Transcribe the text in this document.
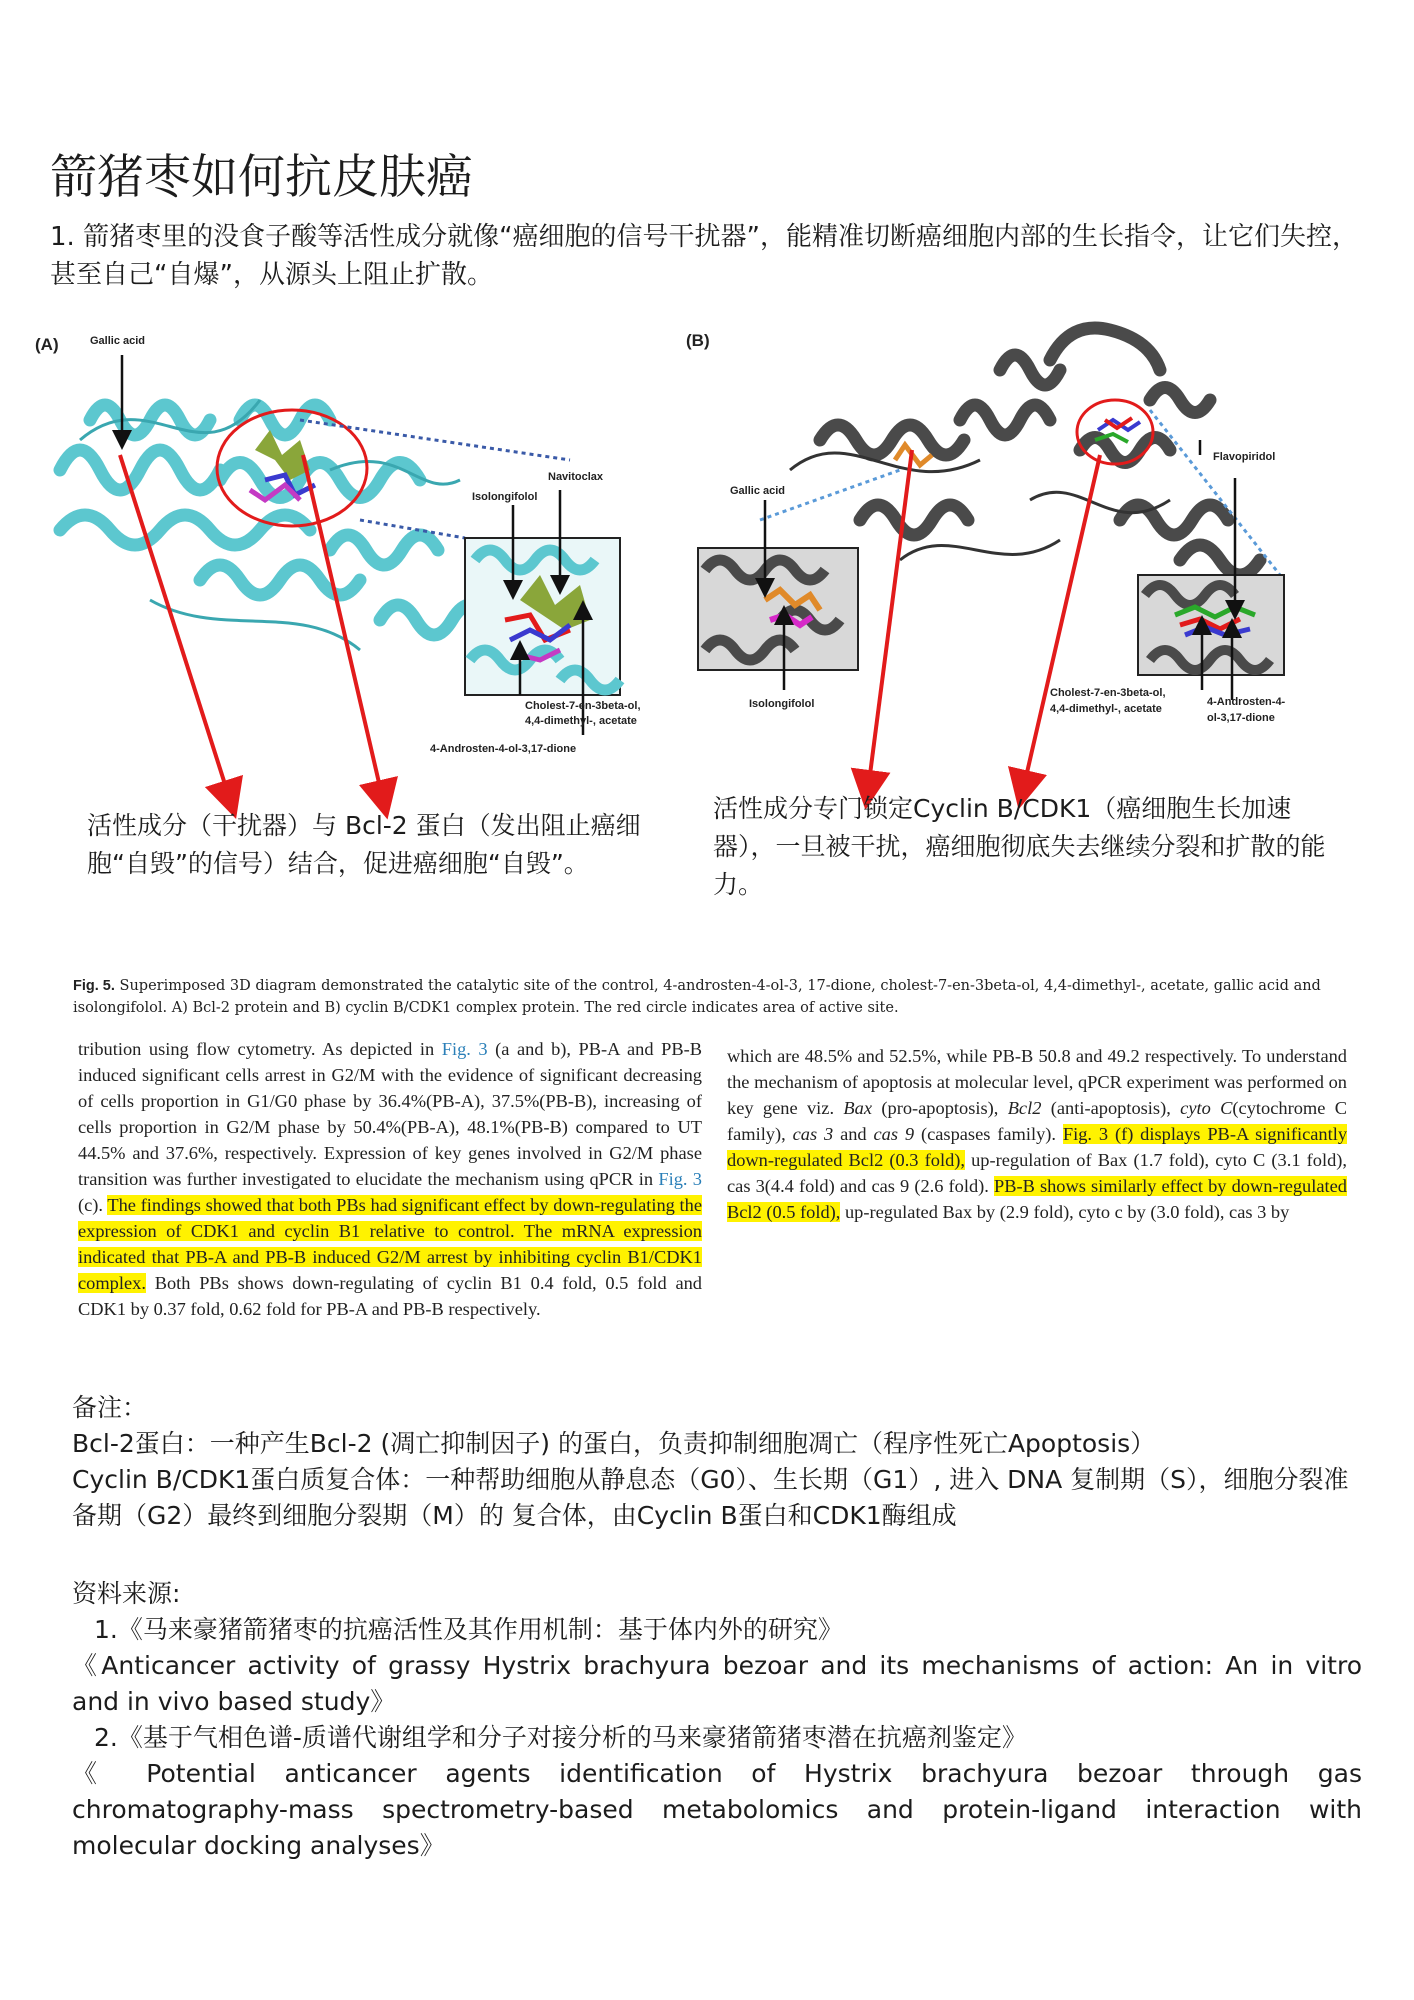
箭猪枣如何抗皮肤癌
1. 箭猪枣里的没食子酸等活性成分就像“癌细胞的信号干扰器”，能精准切断癌细胞内部的生长指令，让它们失控，甚至自己“自爆”，从源头上阻止扩散。
(A)	Gallic acid
Isolongifolol
Navitoclax
Cholest-7-en-3beta-ol,
4,4-dimethyl-, acetate
4-Androsten-4-ol-3,17-dione
(B)
Gallic acid
Isolongifolol
Flavopiridol
Cholest-7-en-3beta-ol,
4,4-dimethyl-, acetate
4-Androsten-4-
ol-3,17-dione
活性成分（干扰器）与 Bcl-2 蛋白（发出阻止癌细胞“自毁”的信号）结合，促进癌细胞“自毁”。
活性成分专门锁定Cyclin B/CDK1（癌细胞生长加速器），一旦被干扰，癌细胞彻底失去继续分裂和扩散的能力。
Fig. 5. Superimposed 3D diagram demonstrated the catalytic site of the control, 4-androsten-4-ol-3, 17-dione, cholest-7-en-3beta-ol, 4,4-dimethyl-, acetate, gallic acid and isolongifolol. A) Bcl-2 protein and B) cyclin B/CDK1 complex protein. The red circle indicates area of active site.
tribution using flow cytometry. As depicted in Fig. 3 (a and b), PB-A and PB-B induced significant cells arrest in G2/M with the evidence of significant decreasing of cells proportion in G1/G0 phase by 36.4%(PB-A), 37.5%(PB-B), increasing of cells proportion in G2/M phase by 50.4%(PB-A), 48.1%(PB-B) compared to UT 44.5% and 37.6%, respectively. Expression of key genes involved in G2/M phase transition was further investigated to elucidate the mechanism using qPCR in Fig. 3 (c). The findings showed that both PBs had significant effect by down-regulating the expression of CDK1 and cyclin B1 relative to control. The mRNA expression indicated that PB-A and PB-B induced G2/M arrest by inhibiting cyclin B1/CDK1 complex. Both PBs shows down-regulating of cyclin B1 0.4 fold, 0.5 fold and CDK1 by 0.37 fold, 0.62 fold for PB-A and PB-B respectively.
which are 48.5% and 52.5%, while PB-B 50.8 and 49.2 respectively. To understand the mechanism of apoptosis at molecular level, qPCR experiment was performed on key gene viz. Bax (pro-apoptosis), Bcl2 (anti-apoptosis), cyto C(cytochrome C family), cas 3 and cas 9 (caspases family). Fig. 3 (f) displays PB-A significantly down-regulated Bcl2 (0.3 fold), up-regulation of Bax (1.7 fold), cyto C (3.1 fold), cas 3(4.4 fold) and cas 9 (2.6 fold). PB-B shows similarly effect by down-regulated Bcl2 (0.5 fold), up-regulated Bax by (2.9 fold), cyto c by (3.0 fold), cas 3 by
备注：
Bcl-2蛋白：一种产生Bcl-2 (凋亡抑制因子) 的蛋白，负责抑制细胞凋亡（程序性死亡Apoptosis）
Cyclin B/CDK1蛋白质复合体：一种帮助细胞从静息态（G0）、生长期（G1）, 进入 DNA 复制期（S），细胞分裂准备期（G2）最终到细胞分裂期（M）的 复合体，由Cyclin B蛋白和CDK1酶组成
资料来源:
1.《马来豪猪箭猪枣的抗癌活性及其作用机制：基于体内外的研究》
《Anticancer activity of grassy Hystrix brachyura bezoar and its mechanisms of action: An in vitro
and in vivo based study》
2.《基于气相色谱-质谱代谢组学和分子对接分析的马来豪猪箭猪枣潜在抗癌剂鉴定》
《 Potential anticancer agents identification of Hystrix brachyura bezoar through gas
chromatography-mass spectrometry-based metabolomics and protein-ligand interaction with
molecular docking analyses》
